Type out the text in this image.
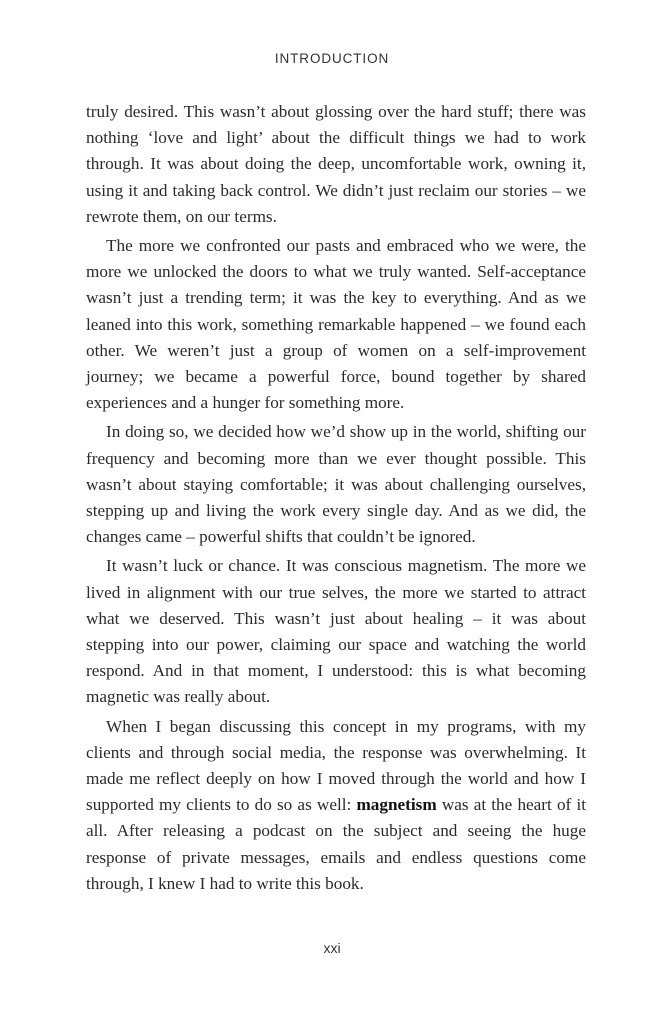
INTRODUCTION

truly desired. This wasn’t about glossing over the hard stuff; there was nothing ‘love and light’ about the difficult things we had to work through. It was about doing the deep, uncomfortable work, owning it, using it and taking back control. We didn’t just reclaim our stories – we rewrote them, on our terms.

The more we confronted our pasts and embraced who we were, the more we unlocked the doors to what we truly wanted. Self-acceptance wasn’t just a trending term; it was the key to everything. And as we leaned into this work, something remarkable happened – we found each other. We weren’t just a group of women on a self-improvement journey; we became a powerful force, bound together by shared experiences and a hunger for something more.

In doing so, we decided how we’d show up in the world, shifting our frequency and becoming more than we ever thought possible. This wasn’t about staying comfortable; it was about challenging ourselves, stepping up and living the work every single day. And as we did, the changes came – powerful shifts that couldn’t be ignored.

It wasn’t luck or chance. It was conscious magnetism. The more we lived in alignment with our true selves, the more we started to attract what we deserved. This wasn’t just about healing – it was about stepping into our power, claiming our space and watching the world respond. And in that moment, I understood: this is what becoming magnetic was really about.

When I began discussing this concept in my programs, with my clients and through social media, the response was overwhelming. It made me reflect deeply on how I moved through the world and how I supported my clients to do so as well: magnetism was at the heart of it all. After releasing a podcast on the subject and seeing the huge response of private messages, emails and endless questions come through, I knew I had to write this book.

xxi
